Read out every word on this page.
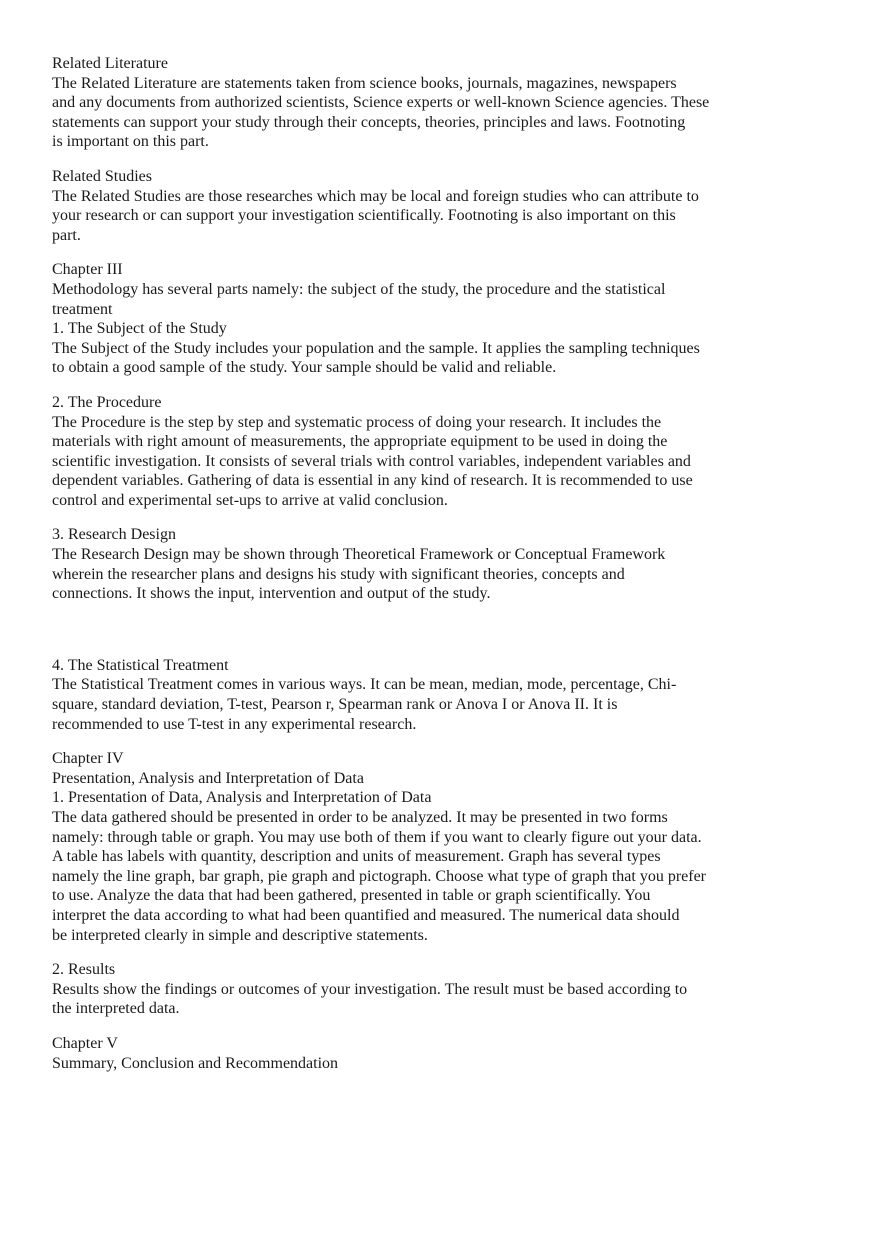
Related Literature
The Related Literature are statements taken from science books, journals, magazines, newspapers
and any documents from authorized scientists, Science experts or well-known Science agencies. These
statements can support your study through their concepts, theories, principles and laws. Footnoting
is important on this part.
Related Studies
The Related Studies are those researches which may be local and foreign studies who can attribute to
your research or can support your investigation scientifically. Footnoting is also important on this
part.
Chapter III
Methodology has several parts namely: the subject of the study, the procedure and the statistical
treatment
1. The Subject of the Study
The Subject of the Study includes your population and the sample. It applies the sampling techniques
to obtain a good sample of the study. Your sample should be valid and reliable.
2. The Procedure
The Procedure is the step by step and systematic process of doing your research. It includes the
materials with right amount of measurements, the appropriate equipment to be used in doing the
scientific investigation. It consists of several trials with control variables, independent variables and
dependent variables. Gathering of data is essential in any kind of research. It is recommended to use
control and experimental set-ups to arrive at valid conclusion.
3. Research Design
The Research Design may be shown through Theoretical Framework or Conceptual Framework
wherein the researcher plans and designs his study with significant theories, concepts and
connections. It shows the input, intervention and output of the study.
4. The Statistical Treatment
The Statistical Treatment comes in various ways. It can be mean, median, mode, percentage, Chi-
square, standard deviation, T-test, Pearson r, Spearman rank or Anova I or Anova II. It is
recommended to use T-test in any experimental research.
Chapter IV
Presentation, Analysis and Interpretation of Data
1. Presentation of Data, Analysis and Interpretation of Data
The data gathered should be presented in order to be analyzed. It may be presented in two forms
namely: through table or graph. You may use both of them if you want to clearly figure out your data.
A table has labels with quantity, description and units of measurement. Graph has several types
namely the line graph, bar graph, pie graph and pictograph. Choose what type of graph that you prefer
to use. Analyze the data that had been gathered, presented in table or graph scientifically. You
interpret the data according to what had been quantified and measured. The numerical data should
be interpreted clearly in simple and descriptive statements.
2. Results
Results show the findings or outcomes of your investigation. The result must be based according to
the interpreted data.
Chapter V
Summary, Conclusion and Recommendation
